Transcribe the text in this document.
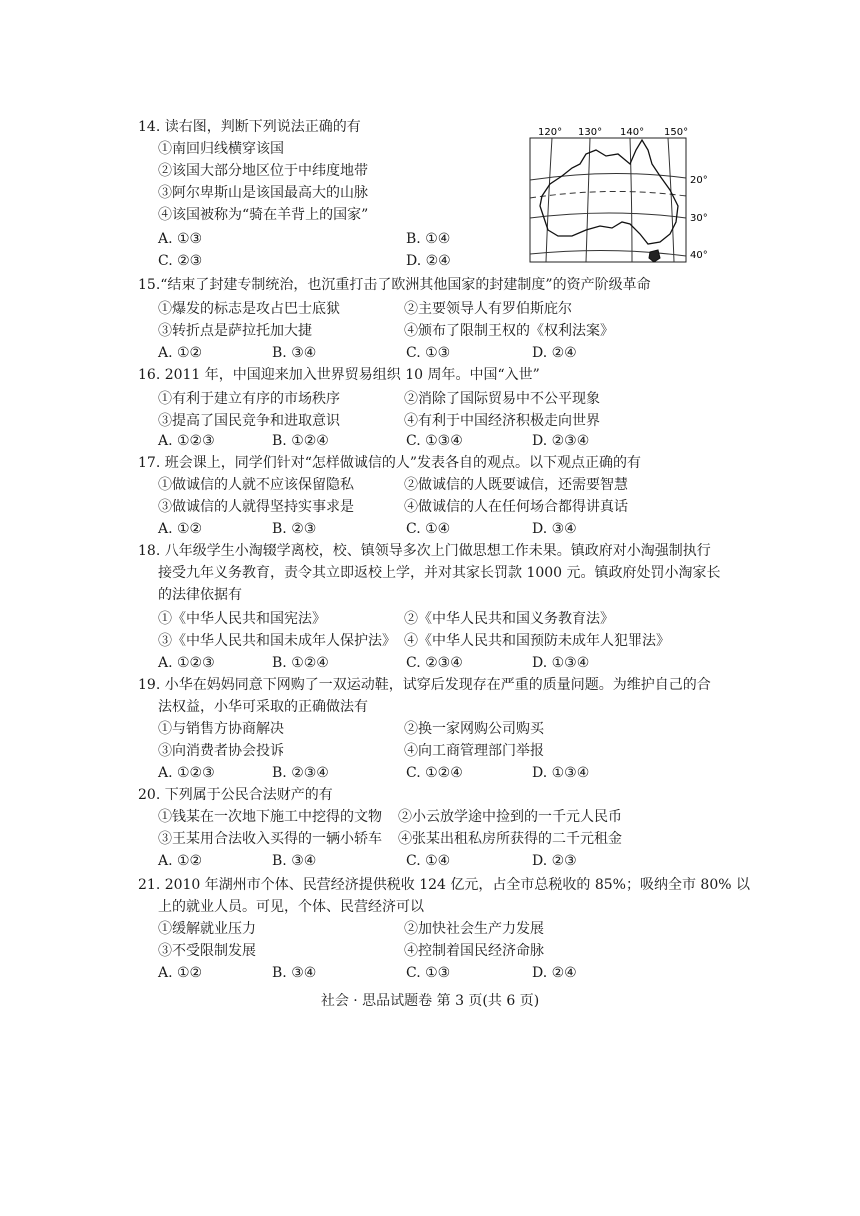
14. 读右图，判断下列说法正确的有
①南回归线横穿该国
②该国大部分地区位于中纬度地带
③阿尔卑斯山是该国最高大的山脉
④该国被称为“骑在羊背上的国家”
A. ①③	B. ①④
C. ②③	D. ②④
120° 130° 140° 150°
20°
30°
40°
15.“结束了封建专制统治，也沉重打击了欧洲其他国家的封建制度”的资产阶级革命
①爆发的标志是攻占巴士底狱	②主要领导人有罗伯斯庇尔
③转折点是萨拉托加大捷	④颁布了限制王权的《权利法案》
A. ①②	B. ③④	C. ①③	D. ②④
16. 2011 年，中国迎来加入世界贸易组织 10 周年。中国“入世”
①有利于建立有序的市场秩序	②消除了国际贸易中不公平现象
③提高了国民竞争和进取意识	④有利于中国经济积极走向世界
A. ①②③	B. ①②④	C. ①③④	D. ②③④
17. 班会课上，同学们针对“怎样做诚信的人”发表各自的观点。以下观点正确的有
①做诚信的人就不应该保留隐私	②做诚信的人既要诚信，还需要智慧
③做诚信的人就得坚持实事求是	④做诚信的人在任何场合都得讲真话
A. ①②	B. ②③	C. ①④	D. ③④
18. 八年级学生小淘辍学离校，校、镇领导多次上门做思想工作未果。镇政府对小淘强制执行
接受九年义务教育，责令其立即返校上学，并对其家长罚款 1000 元。镇政府处罚小淘家长
的法律依据有
①《中华人民共和国宪法》	②《中华人民共和国义务教育法》
③《中华人民共和国未成年人保护法》 ④《中华人民共和国预防未成年人犯罪法》
A. ①②③	B. ①②④	C. ②③④	D. ①③④
19. 小华在妈妈同意下网购了一双运动鞋，试穿后发现存在严重的质量问题。为维护自己的合
法权益，小华可采取的正确做法有
①与销售方协商解决	②换一家网购公司购买
③向消费者协会投诉	④向工商管理部门举报
A. ①②③	B. ②③④	C. ①②④	D. ①③④
20. 下列属于公民合法财产的有
①钱某在一次地下施工中挖得的文物 ②小云放学途中捡到的一千元人民币
③王某用合法收入买得的一辆小轿车 ④张某出租私房所获得的二千元租金
A. ①②	B. ③④	C. ①④	D. ②③
21. 2010 年湖州市个体、民营经济提供税收 124 亿元，占全市总税收的 85%；吸纳全市 80% 以
上的就业人员。可见，个体、民营经济可以
①缓解就业压力	②加快社会生产力发展
③不受限制发展	④控制着国民经济命脉
A. ①②	B. ③④	C. ①③	D. ②④
社会 · 思品试题卷 第 3 页(共 6 页)
